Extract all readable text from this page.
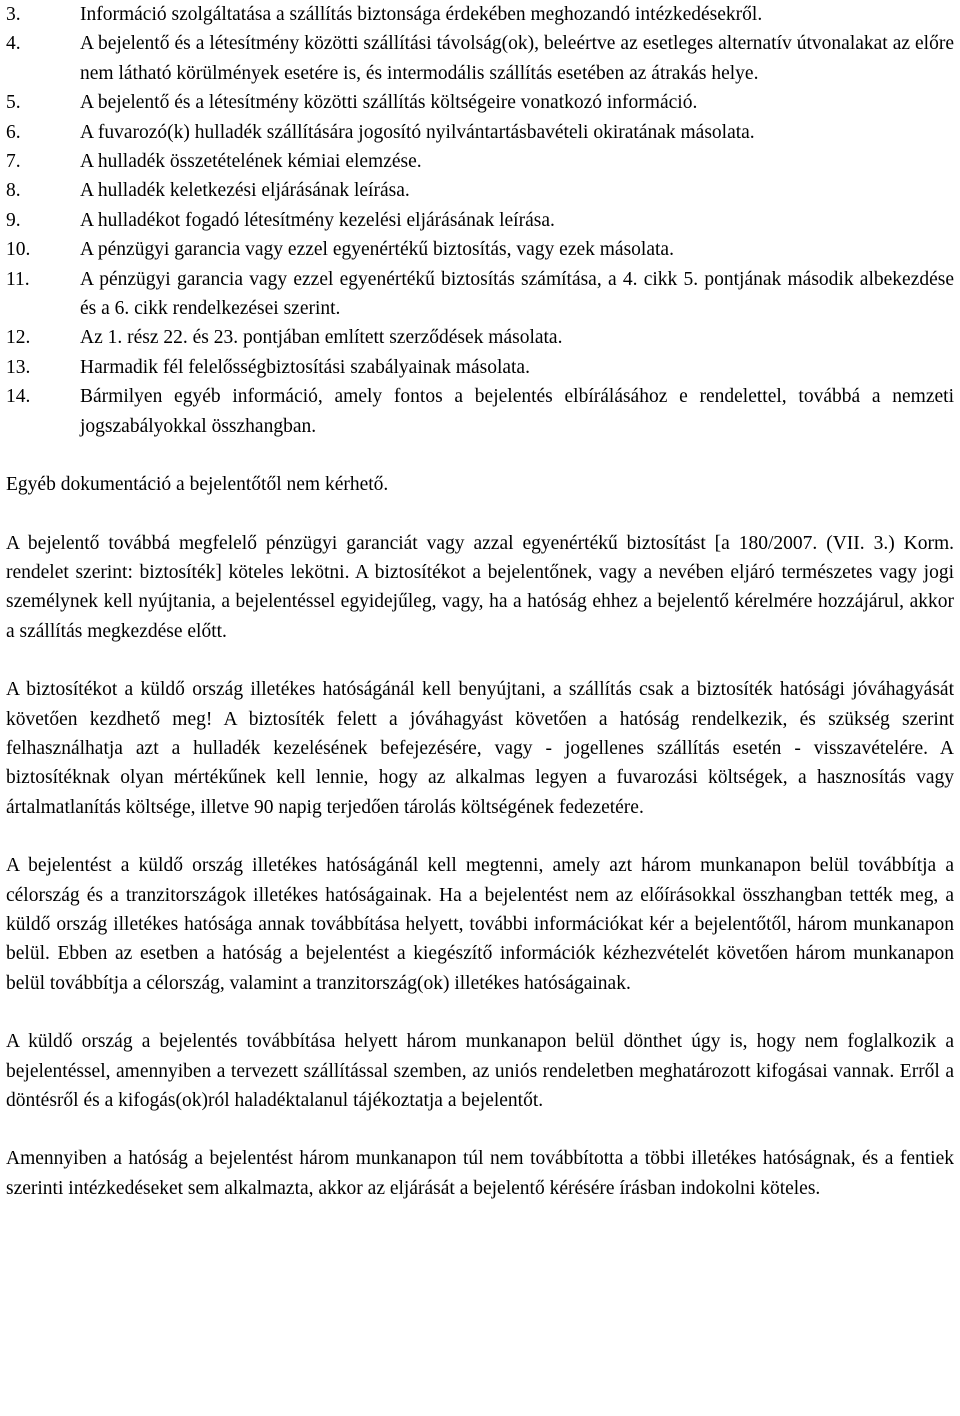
3.	Információ szolgáltatása a szállítás biztonsága érdekében meghozandó intézkedésekről.
4.	A bejelentő és a létesítmény közötti szállítási távolság(ok), beleértve az esetleges alternatív útvonalakat az előre nem látható körülmények esetére is, és intermodális szállítás esetében az átrakás helye.
5.	A bejelentő és a létesítmény közötti szállítás költségeire vonatkozó információ.
6.	A fuvarozó(k) hulladék szállítására jogosító nyilvántartásbavételi okiratának másolata.
7.	A hulladék összetételének kémiai elemzése.
8.	A hulladék keletkezési eljárásának leírása.
9.	A hulladékot fogadó létesítmény kezelési eljárásának leírása.
10.	A pénzügyi garancia vagy ezzel egyenértékű biztosítás, vagy ezek másolata.
11.	A pénzügyi garancia vagy ezzel egyenértékű biztosítás számítása, a 4. cikk 5. pontjának második albekezdése és a 6. cikk rendelkezései szerint.
12.	Az 1. rész 22. és 23. pontjában említett szerződések másolata.
13.	Harmadik fél felelősségbiztosítási szabályainak másolata.
14.	Bármilyen egyéb információ, amely fontos a bejelentés elbírálásához e rendelettel, továbbá a nemzeti jogszabályokkal összhangban.

Egyéb dokumentáció a bejelentőtől nem kérhető.

A bejelentő továbbá megfelelő pénzügyi garanciát vagy azzal egyenértékű biztosítást [a 180/2007. (VII. 3.) Korm. rendelet szerint: biztosíték] köteles lekötni. A biztosítékot a bejelentőnek, vagy a nevében eljáró természetes vagy jogi személynek kell nyújtania, a bejelentéssel egyidejűleg, vagy, ha a hatóság ehhez a bejelentő kérelmére hozzájárul, akkor a szállítás megkezdése előtt.

A biztosítékot a küldő ország illetékes hatóságánál kell benyújtani, a szállítás csak a biztosíték hatósági jóváhagyását követően kezdhető meg! A biztosíték felett a jóváhagyást követően a hatóság rendelkezik, és szükség szerint felhasználhatja azt a hulladék kezelésének befejezésére, vagy - jogellenes szállítás esetén - visszavételére. A biztosítéknak olyan mértékűnek kell lennie, hogy az alkalmas legyen a fuvarozási költségek, a hasznosítás vagy ártalmatlanítás költsége, illetve 90 napig terjedően tárolás költségének fedezetére.

A bejelentést a küldő ország illetékes hatóságánál kell megtenni, amely azt három munkanapon belül továbbítja a célország és a tranzitországok illetékes hatóságainak. Ha a bejelentést nem az előírásokkal összhangban tették meg, a küldő ország illetékes hatósága annak továbbítása helyett, további információkat kér a bejelentőtől, három munkanapon belül. Ebben az esetben a hatóság a bejelentést a kiegészítő információk kézhezvételét követően három munkanapon belül továbbítja a célország, valamint a tranzitország(ok) illetékes hatóságainak.

A küldő ország a bejelentés továbbítása helyett három munkanapon belül dönthet úgy is, hogy nem foglalkozik a bejelentéssel, amennyiben a tervezett szállítással szemben, az uniós rendeletben meghatározott kifogásai vannak. Erről a döntésről és a kifogás(ok)ról haladéktalanul tájékoztatja a bejelentőt.

Amennyiben a hatóság a bejelentést három munkanapon túl nem továbbította a többi illetékes hatóságnak, és a fentiek szerinti intézkedéseket sem alkalmazta, akkor az eljárását a bejelentő kérésére írásban indokolni köteles.
